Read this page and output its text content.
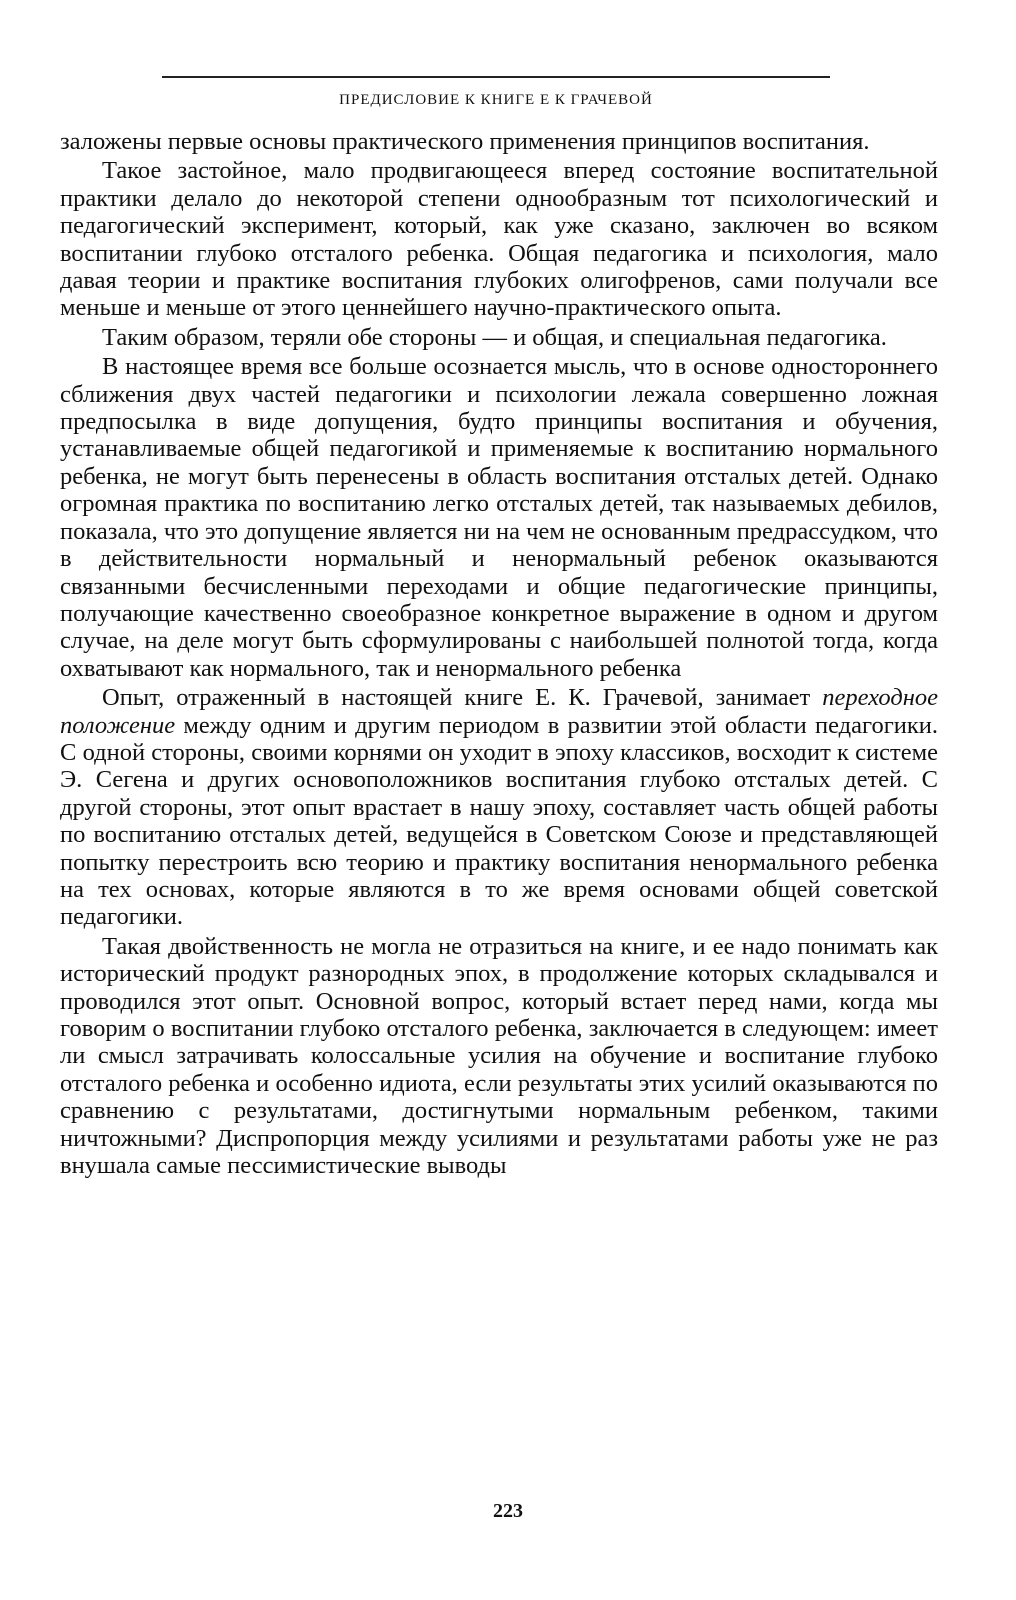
ПРЕДИСЛОВИЕ К КНИГЕ Е К ГРАЧЕВОЙ

заложены первые основы практического применения принципов воспитания.

Такое застойное, мало продвигающееся вперед состояние воспитательной практики делало до некоторой степени однообразным тот психологический и педагогический эксперимент, который, как уже сказано, заключен во всяком воспитании глубоко отсталого ребенка. Общая педагогика и психология, мало давая теории и практике воспитания глубоких олигофренов, сами получали все меньше и меньше от этого ценнейшего научно-практического опыта.

Таким образом, теряли обе стороны — и общая, и специальная педагогика.

В настоящее время все больше осознается мысль, что в основе одностороннего сближения двух частей педагогики и психологии лежала совершенно ложная предпосылка в виде допущения, будто принципы воспитания и обучения, устанавливаемые общей педагогикой и применяемые к воспитанию нормального ребенка, не могут быть перенесены в область воспитания отсталых детей. Однако огромная практика по воспитанию легко отсталых детей, так называемых дебилов, показала, что это допущение является ни на чем не основанным предрассудком, что в действительности нормальный и ненормальный ребенок оказываются связанными бесчисленными переходами и общие педагогические принципы, получающие качественно своеобразное конкретное выражение в одном и другом случае, на деле могут быть сформулированы с наибольшей полнотой тогда, когда охватывают как нормального, так и ненормального ребенка

Опыт, отраженный в настоящей книге Е. К. Грачевой, занимает переходное положение между одним и другим периодом в развитии этой области педагогики. С одной стороны, своими корнями он уходит в эпоху классиков, восходит к системе Э. Сегена и других основоположников воспитания глубоко отсталых детей. С другой стороны, этот опыт врастает в нашу эпоху, составляет часть общей работы по воспитанию отсталых детей, ведущейся в Советском Союзе и представляющей попытку перестроить всю теорию и практику воспитания ненормального ребенка на тех основах, которые являются в то же время основами общей советской педагогики.

Такая двойственность не могла не отразиться на книге, и ее надо понимать как исторический продукт разнородных эпох, в продолжение которых складывался и проводился этот опыт. Основной вопрос, который встает перед нами, когда мы говорим о воспитании глубоко отсталого ребенка, заключается в следующем: имеет ли смысл затрачивать колоссальные усилия на обучение и воспитание глубоко отсталого ребенка и особенно идиота, если результаты этих усилий оказываются по сравнению с результатами, достигнутыми нормальным ребенком, такими ничтожными? Диспропорция между усилиями и результатами работы уже не раз внушала самые пессимистические выводы

223
